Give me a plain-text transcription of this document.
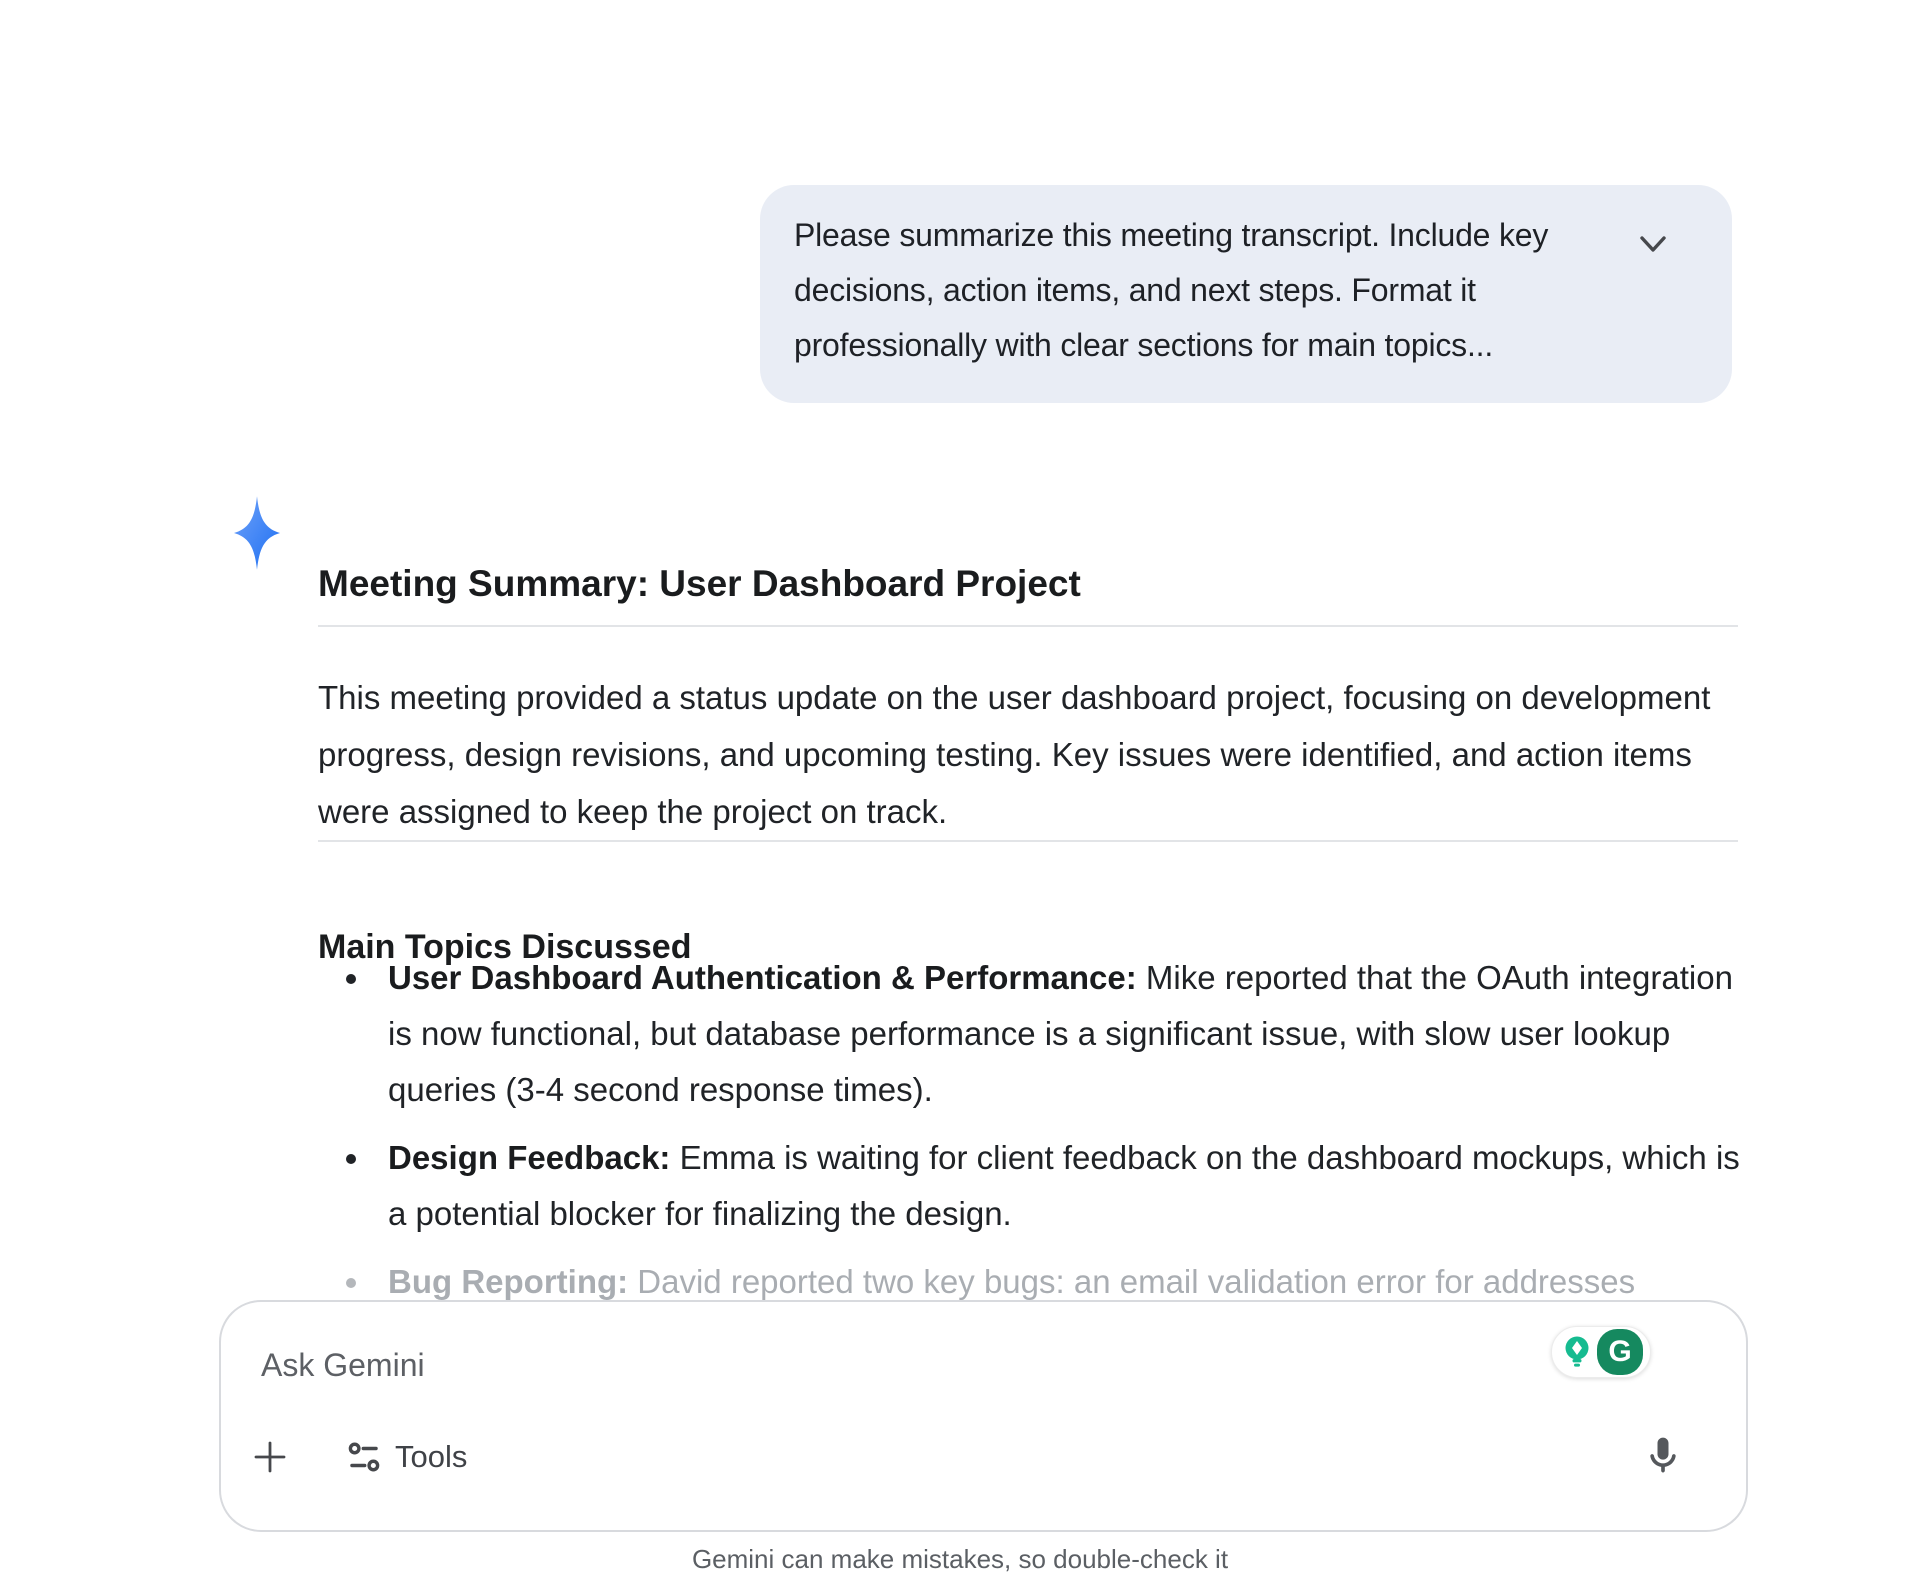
Please summarize this meeting transcript. Include key decisions, action items, and next steps. Format it professionally with clear sections for main topics...
Meeting Summary: User Dashboard Project

This meeting provided a status update on the user dashboard project, focusing on development progress, design revisions, and upcoming testing. Key issues were identified, and action items were assigned to keep the project on track.

Main Topics Discussed
User Dashboard Authentication & Performance: Mike reported that the OAuth integration is now functional, but database performance is a significant issue, with slow user lookup queries (3-4 second response times).
Design Feedback: Emma is waiting for client feedback on the dashboard mockups, which is a potential blocker for finalizing the design.
Bug Reporting: David reported two key bugs: an email validation error for addresses
Ask Gemini
G
Tools
Gemini can make mistakes, so double-check it
